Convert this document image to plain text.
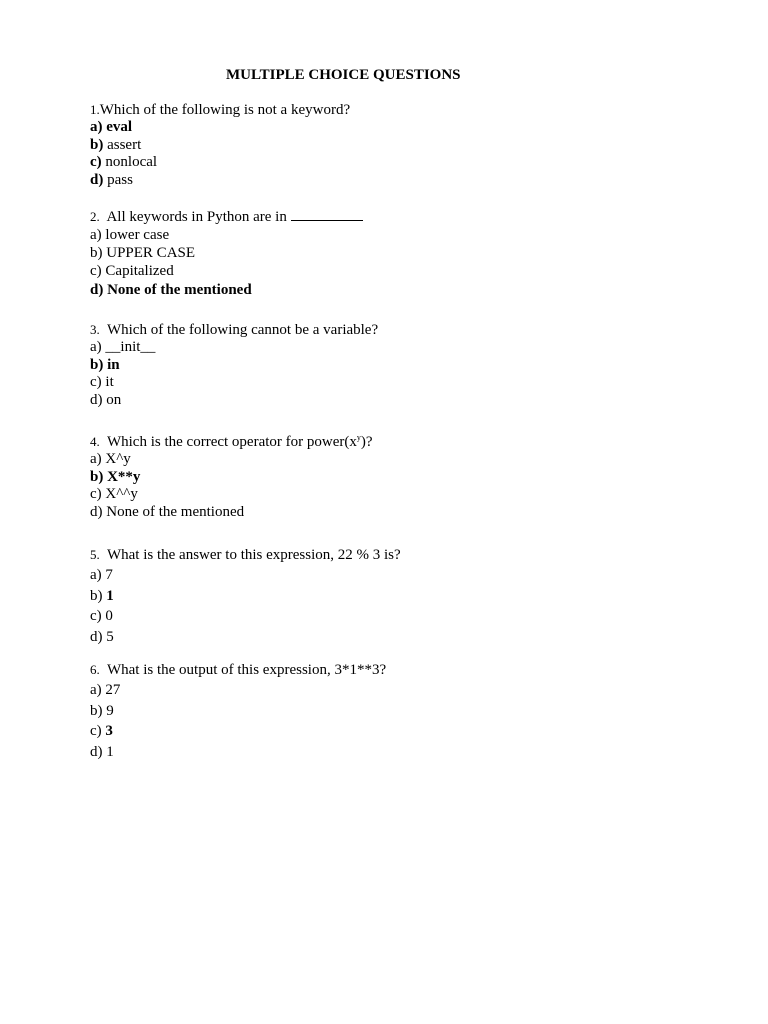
MULTIPLE CHOICE QUESTIONS
1.Which of the following is not a keyword?
a) eval
b) assert
c) nonlocal
d) pass
2. All keywords in Python are in
a) lower case
b) UPPER CASE
c) Capitalized
d) None of the mentioned
3. Which of the following cannot be a variable?
a) __init__
b) in
c) it
d) on
4. Which is the correct operator for $power(x^y)$?
a) X^y
b) X**y
c) X^^y
d) None of the mentioned
5. What is the answer to this expression, 22 % 3 is?
a) 7
b) 1
c) 0
d) 5
6. What is the output of this expression, 3*1**3?
a) 27
b) 9
c) 3
d) 1
